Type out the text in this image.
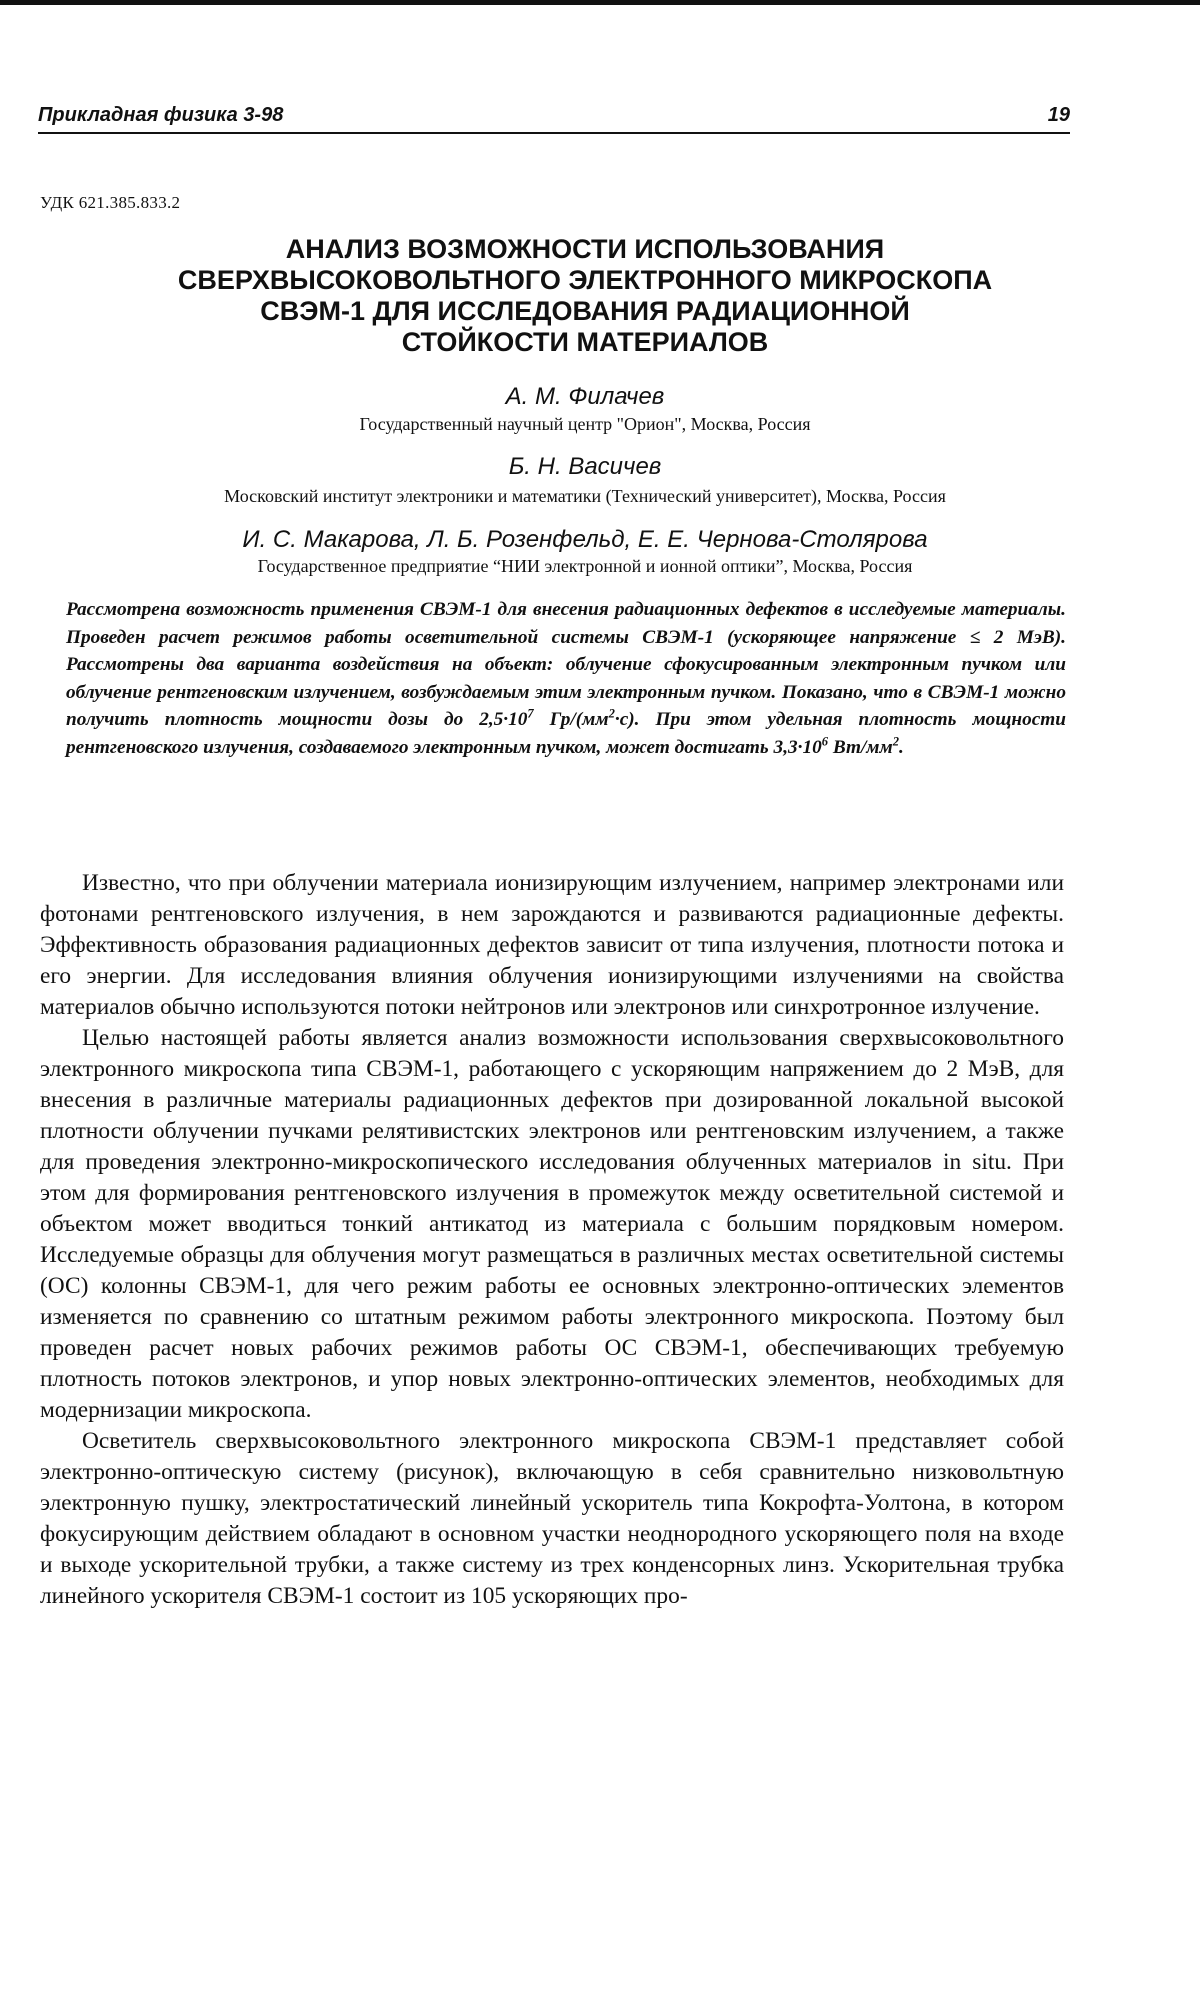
Прикладная физика 3-98	19
УДК 621.385.833.2
АНАЛИЗ ВОЗМОЖНОСТИ ИСПОЛЬЗОВАНИЯ
СВЕРХВЫСОКОВОЛЬТНОГО ЭЛЕКТРОННОГО МИКРОСКОПА
СВЭМ-1 ДЛЯ ИССЛЕДОВАНИЯ РАДИАЦИОННОЙ
СТОЙКОСТИ МАТЕРИАЛОВ
А. М. Филачев
Государственный научный центр "Орион", Москва, Россия
Б. Н. Васичев
Московский институт электроники и математики (Технический университет), Москва, Россия
И. С. Макарова, Л. Б. Розенфельд, Е. Е. Чернова-Столярова
Государственное предприятие “НИИ электронной и ионной оптики”, Москва, Россия
Рассмотрена возможность применения СВЭМ-1 для внесения радиационных дефектов в исследуемые материалы. Проведен расчет режимов работы осветительной системы СВЭМ-1 (ускоряющее напряжение ≤ 2 МэВ). Рассмотрены два варианта воздействия на объект: облучение сфокусированным электронным пучком или облучение рентгеновским излучением, возбуждаемым этим электронным пучком. Показано, что в СВЭМ-1 можно получить плотность мощности дозы до $2,5\cdot 10^7$ $Гр/(мм^2\cdot с)$. При этом удельная плотность мощности рентгеновского излучения, создаваемого электронным пучком, может достигать $3,3\cdot 10^6$ $Вт/мм^2$.

Известно, что при облучении материала ионизирующим излучением, например электронами или фотонами рентгеновского излучения, в нем зарождаются и развиваются радиационные дефекты. Эффективность образования радиационных дефектов зависит от типа излучения, плотности потока и его энергии. Для исследования влияния облучения ионизирующими излучениями на свойства материалов обычно используются потоки нейтронов или электронов или синхротронное излучение.

Целью настоящей работы является анализ возможности использования сверхвысоковольтного электронного микроскопа типа СВЭМ-1, работающего с ускоряющим напряжением до 2 МэВ, для внесения в различные материалы радиационных дефектов при дозированной локальной высокой плотности облучении пучками релятивистских электронов или рентгеновским излучением, а также для проведения электронно-микроскопического исследования облученных материалов in situ. При этом для формирования рентгеновского излучения в промежуток между осветительной системой и объектом может вводиться тонкий антикатод из материала с большим порядковым номером. Исследуемые образцы для облучения могут размещаться в различных местах осветительной системы (ОС) колонны СВЭМ-1, для чего режим работы ее основных электронно-оптических элементов изменяется по сравнению со штатным режимом работы электронного микроскопа. Поэтому был проведен расчет новых рабочих режимов работы ОС СВЭМ-1, обеспечивающих требуемую плотность потоков электронов, и упор новых электронно-оптических элементов, необходимых для модернизации микроскопа.

Осветитель сверхвысоковольтного электронного микроскопа СВЭМ-1 представляет собой электронно-оптическую систему (рисунок), включающую в себя сравнительно низковольтную электронную пушку, электростатический линейный ускоритель типа Кокрофта-Уолтона, в котором фокусирующим действием обладают в основном участки неоднородного ускоряющего поля на входе и выходе ускорительной трубки, а также систему из трех конденсорных линз. Ускорительная трубка линейного ускорителя СВЭМ-1 состоит из 105 ускоряющих про-
